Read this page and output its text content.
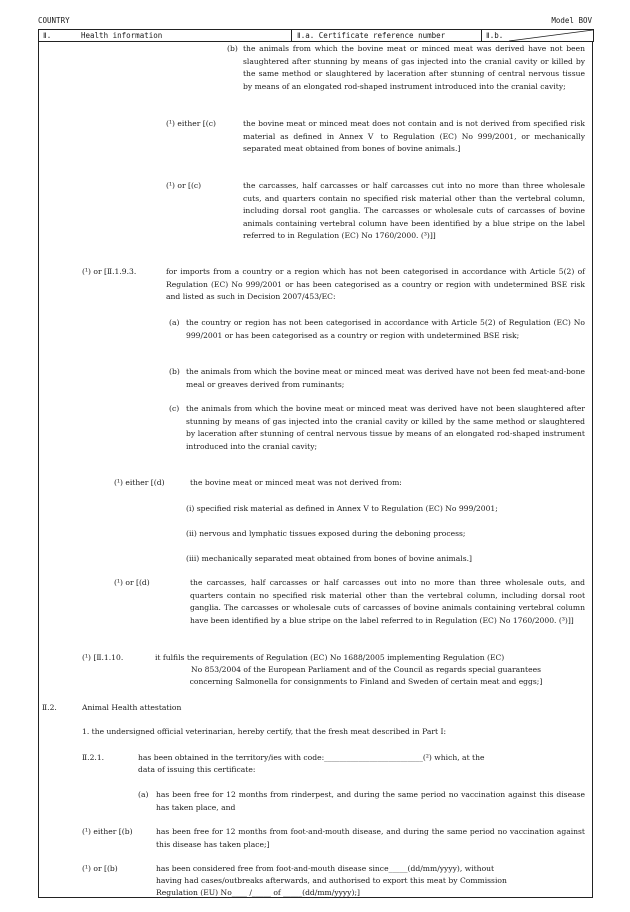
COUNTRY	Model BOV
Ⅱ.	Health information	Ⅱ.a. Certificate reference number	Ⅱ.b.
(b) the animals from which the bovine meat or minced meat was derived have not been slaughtered after stunning by means of gas injected into the cranial cavity or killed by the same method or slaughtered by laceration after stunning of central nervous tissue by means of an elongated rod-shaped instrument introduced into the cranial cavity;

(¹) either [(c)	the bovine meat or minced meat does not contain and is not derived from specified risk material as defined in Annex Ⅴ to Regulation (EC) No 999/2001, or mechanically separated meat obtained from bones of bovine animals.]

(¹) or [(c)	the carcasses, half carcasses or half carcasses cut into no more than three wholesale cuts, and quarters contain no specified risk material other than the vertebral column, including dorsal root ganglia. The carcasses or wholesale cuts of carcasses of bovine animals containing vertebral column have been identified by a blue stripe on the label referred to in Regulation (EC) No 1760/2000. (³)]]

(¹) or [Ⅱ.1.9.3.	for imports from a country or a region which has not been categorised in accordance with Article 5(2) of Regulation (EC) No 999/2001 or has been categorised as a country or region with undetermined BSE risk and listed as such in Decision 2007/453/EC:

(a) the country or region has not been categorised in accordance with Article 5(2) of Regulation (EC) No 999/2001 or has been categorised as a country or region with undetermined BSE risk;

(b) the animals from which the bovine meat or minced meat was derived have not been fed meat-and-bone meal or greaves derived from ruminants;

(c) the animals from which the bovine meat or minced meat was derived have not been slaughtered after stunning by means of gas injected into the cranial cavity or killed by the same method or slaughtered by laceration after stunning of central nervous tissue by means of an elongated rod-shaped instrument introduced into the cranial cavity;

(¹) either [(d)	the bovine meat or minced meat was not derived from:

(ⅰ) specified risk material as defined in Annex Ⅴ to Regulation (EC) No 999/2001;

(ⅱ) nervous and lymphatic tissues exposed during the deboning process;

(ⅲ) mechanically separated meat obtained from bones of bovine animals.]

(¹) or [(d)	the carcasses, half carcasses or half carcasses out into no more than three wholesale outs, and quarters contain no specified risk material other than the vertebral column, including dorsal root ganglia. The carcasses or wholesale cuts of carcasses of bovine animals containing vertebral column have been identified by a blue stripe on the label referred to in Regulation (EC) No 1760/2000. (³)]]

(¹) [Ⅱ.1.10.	it fulfils the requirements of Regulation (EC) No 1688/2005 implementing Regulation (EC)

No 853/2004 of the European Parliament and of the Council as regards special guarantees

concerning Salmonella for consignments to Finland and Sweden of certain meat and eggs;]

Ⅱ.2.	Animal Health attestation

1. the undersigned official veterinarian, hereby certify, that the fresh meat described in Part Ⅰ:

Ⅱ.2.1.	has been obtained in the territory/ies with code:__________________________(²) which, at the

data of issuing this certificate:

(a) has been free for 12 months from rinderpest, and during the same period no vaccination against this disease has taken place, and

(¹) either [(b)	has been free for 12 months from foot-and-mouth disease, and during the same period no vaccination against this disease has taken place;]

(¹) or [(b)	has been considered free from foot-and-mouth disease since_____(dd/mm/yyyy), without

having had cases/outbreaks afterwards, and authorised to export this meat by Commission

Regulation (EU) No____ /_____ of _____(dd/mm/yyyy);]
